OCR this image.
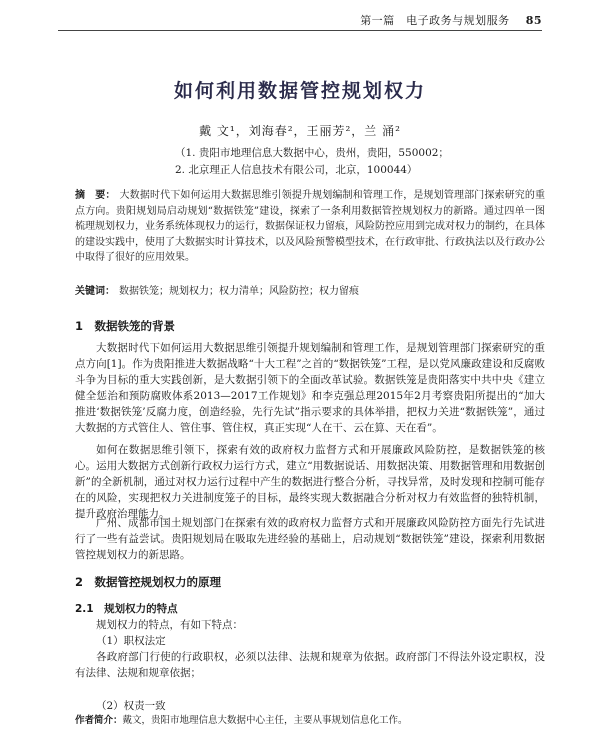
第一篇　电子政务与规划服务 85
如何利用数据管控规划权力
戴 文¹，刘海春²，王丽芳²，兰 涌²
（1. 贵阳市地理信息大数据中心，贵州，贵阳，550002；
2. 北京理正人信息技术有限公司，北京，100044）
摘　要： 大数据时代下如何运用大数据思维引领提升规划编制和管理工作，是规划管理部门探索研究的重点方向。贵阳规划局启动规划“数据铁笼”建设，探索了一条利用数据管控规划权力的新路。通过四单一图梳理规划权力，业务系统体现权力的运行，数据保证权力留痕，风险防控应用到完成对权力的制约，在具体的建设实践中，使用了大数据实时计算技术，以及风险预警模型技术，在行政审批、行政执法以及行政办公中取得了很好的应用效果。
关键词： 数据铁笼；规划权力；权力清单；风险防控；权力留痕
1　数据铁笼的背景

大数据时代下如何运用大数据思维引领提升规划编制和管理工作，是规划管理部门探索研究的重点方向[1]。作为贵阳推进大数据战略“十大工程”之首的“数据铁笼”工程，是以党风廉政建设和反腐败斗争为目标的重大实践创新，是大数据引领下的全面改革试验。数据铁笼是贵阳落实中共中央《建立健全惩治和预防腐败体系2013—2017工作规划》和李克强总理2015年2月考察贵阳所提出的“加大推进‘数据铁笼’反腐力度，创造经验，先行先试”指示要求的具体举措，把权力关进“数据铁笼”，通过大数据的方式管住人、管住事、管住权，真正实现“人在干、云在算、天在看”。

如何在数据思维引领下，探索有效的政府权力监督方式和开展廉政风险防控，是数据铁笼的核心。运用大数据方式创新行政权力运行方式，建立“用数据说话、用数据决策、用数据管理和用数据创新”的全新机制，通过对权力运行过程中产生的数据进行整合分析，寻找异常，及时发现和控制可能存在的风险，实现把权力关进制度笼子的目标，最终实现大数据融合分析对权力有效监督的独特机制，提升政府治理能力。

广州、成都市国土规划部门在探索有效的政府权力监督方式和开展廉政风险防控方面先行先试进行了一些有益尝试。贵阳规划局在吸取先进经验的基础上，启动规划“数据铁笼”建设，探索利用数据管控规划权力的新思路。

2　数据管控规划权力的原理
2.1　规划权力的特点

规划权力的特点，有如下特点：

（1）职权法定

各政府部门行使的行政职权，必须以法律、法规和规章为依据。政府部门不得法外设定职权，没有法律、法规和规章依据；

（2）权责一致

作者简介：戴文，贵阳市地理信息大数据中心主任，主要从事规划信息化工作。
